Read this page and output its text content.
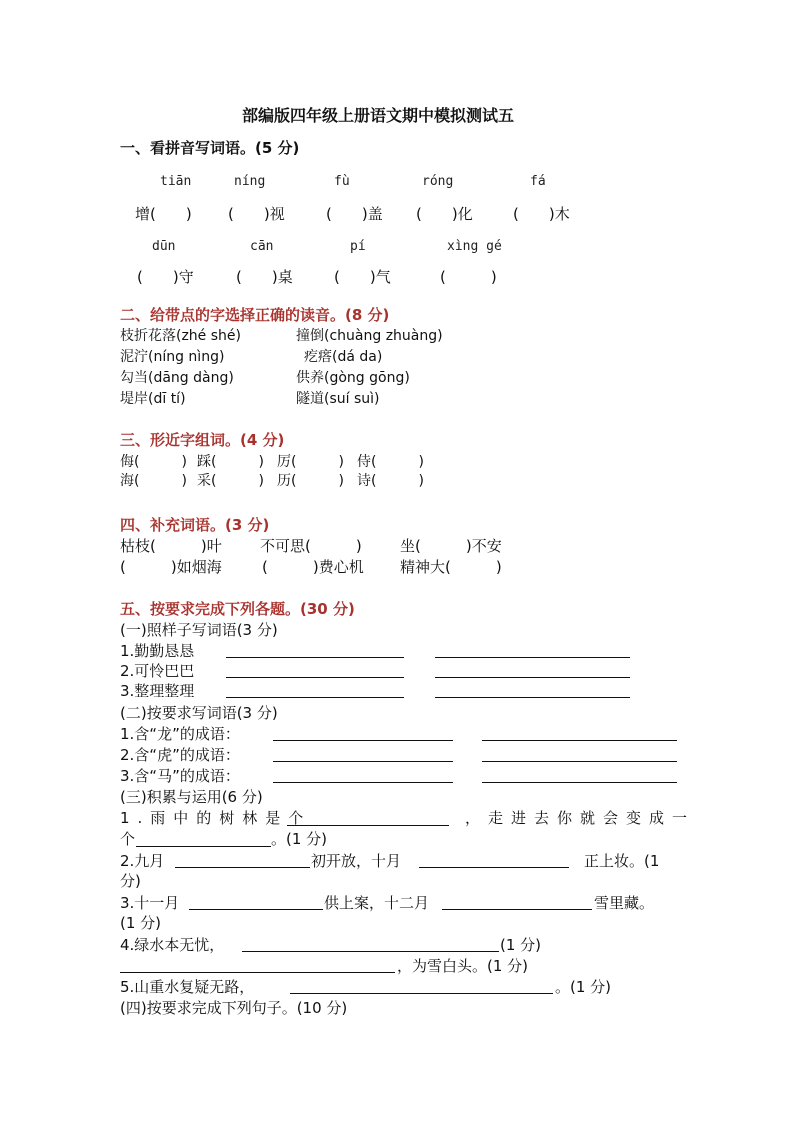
部编版四年级上册语文期中模拟测试五
一、看拼音写词语。(5 分)
tiān	níng	fù	róng	fá
增(　　) (　　)视	(　　)盖 (　　)化	(　　)木
dūn	cān	pí	xìng gé
(　　)守	(　　)桌	(　　)气	(　　　)
二、给带点的字选择正确的读音。(8 分)
枝折花落(zhé shé)	撞倒(chuàng zhuàng)
泥泞(níng nìng)	疙瘩(dá da)
勾当(dāng dàng)	供养(gòng gōng)
堤岸(dī tí)	隧道(suí suì)
三、形近字组词。(4 分)
侮(　　　) 踩(　　　) 厉(　　　) 侍(　　　)
海(　　　) 采(　　　) 历(　　　) 诗(　　　)
四、补充词语。(3 分)
枯枝(　　　)叶	不可思(　　　)	坐(　　　)不安
(　　　)如烟海	(　　　)费心机 精神大(　　　)
五、按要求完成下列各题。(30 分)
(一)照样子写词语(3 分)
1.勤勤恳恳
2.可怜巴巴
3.整理整理
(二)按要求写词语(3 分)
1.含“龙”的成语：
2.含“虎”的成语：
3.含“马”的成语：
(三)积累与运用(6 分)
1.雨中的树林是个	，走进去你就会变成一
个	。(1 分)
2.九月	初开放，十月	正上妆。(1
分)
3.十一月	供上案，十二月	雪里藏。
(1 分)
4.绿水本无忧，	(1 分)
，为雪白头。(1 分)
5.山重水复疑无路，	。(1 分)
(四)按要求完成下列句子。(10 分)
